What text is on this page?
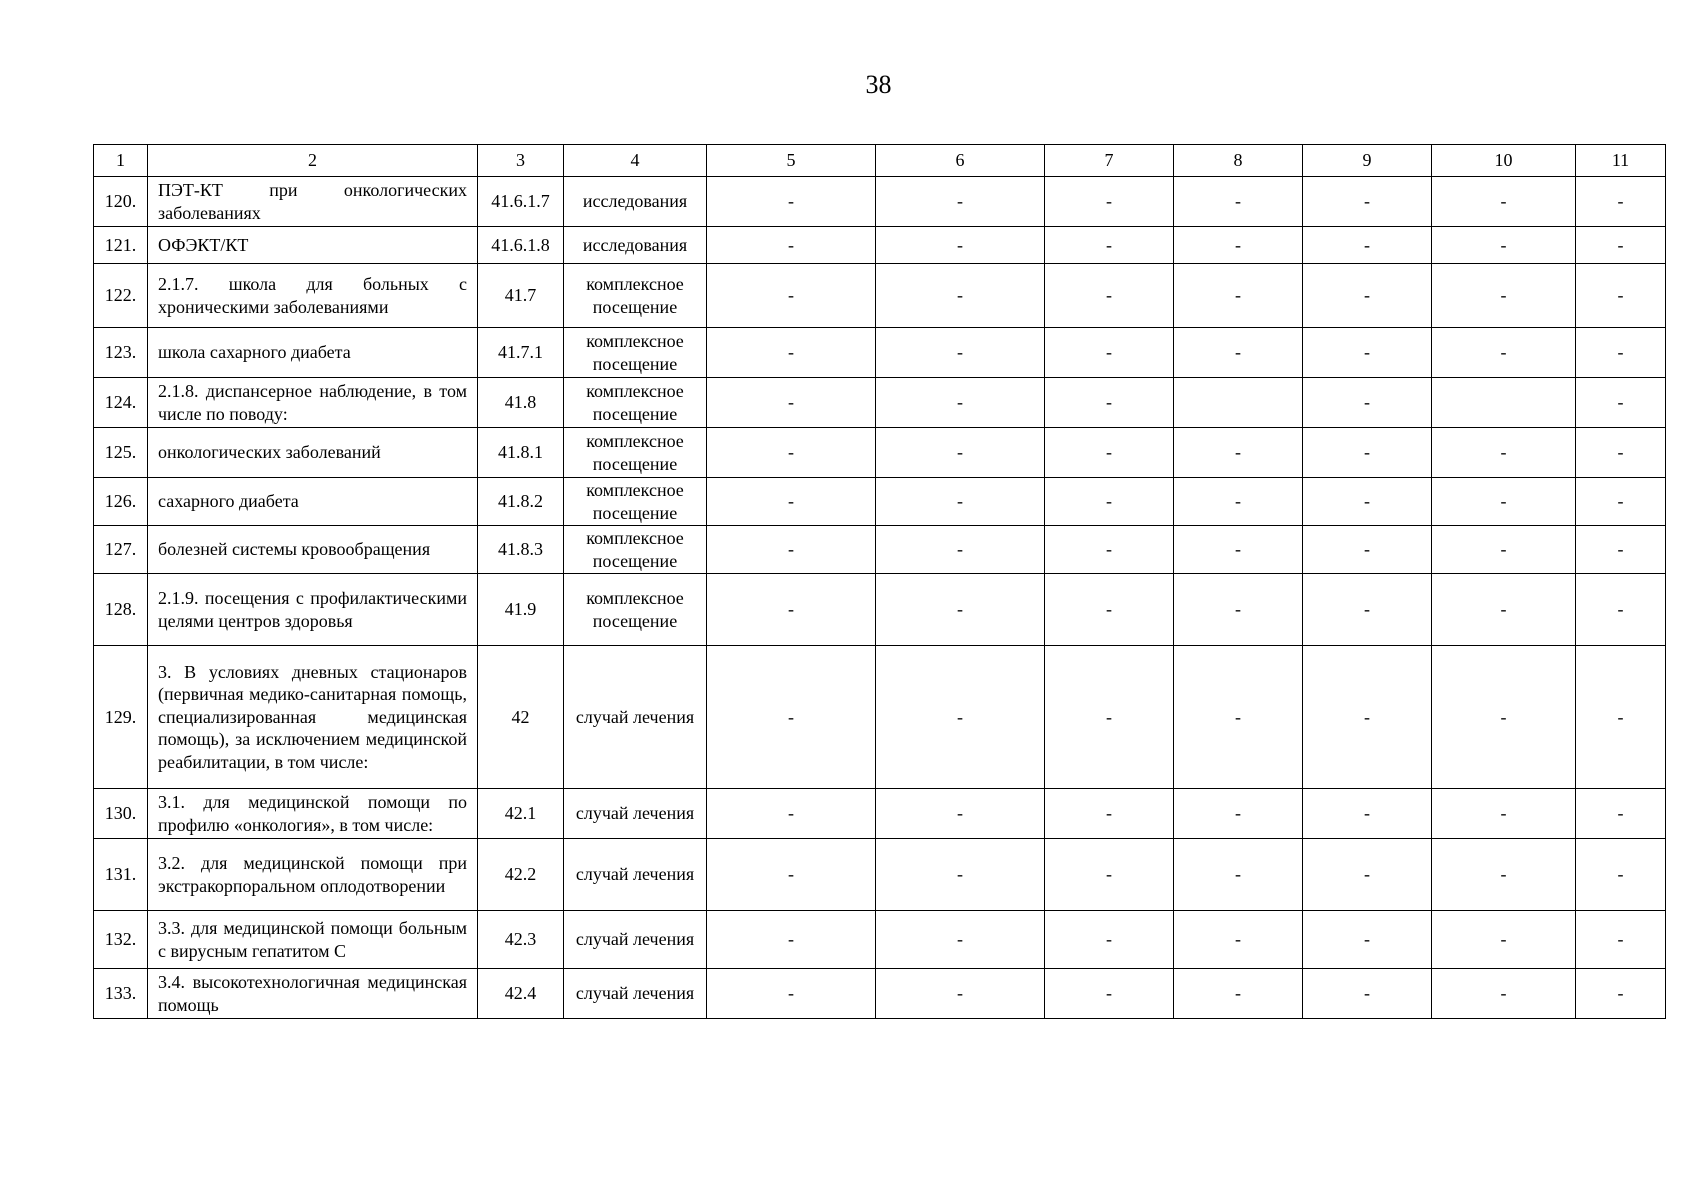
38
1	2	3	4	5	6	7	8	9	10	11
120.	ПЭТ-КТ при онкологических заболеваниях	41.6.1.7	исследования	-	-	-	-	-	-	-
121.	ОФЭКТ/КТ	41.6.1.8	исследования	-	-	-	-	-	-	-
122.	2.1.7. школа для больных с хроническими заболеваниями	41.7	комплексное посещение	-	-	-	-	-	-	-
123.	школа сахарного диабета	41.7.1	комплексное посещение	-	-	-	-	-	-	-
124.	2.1.8. диспансерное наблюдение, в том числе по поводу:	41.8	комплексное посещение	-	-	-		-		-
125.	онкологических заболеваний	41.8.1	комплексное посещение	-	-	-	-	-	-	-
126.	сахарного диабета	41.8.2	комплексное посещение	-	-	-	-	-	-	-
127.	болезней системы кровообращения	41.8.3	комплексное посещение	-	-	-	-	-	-	-
128.	2.1.9. посещения с профилактическими целями центров здоровья	41.9	комплексное посещение	-	-	-	-	-	-	-
129.	3. В условиях дневных стационаров (первичная медико-санитарная помощь, специализированная медицинская помощь), за исключением медицинской реабилитации, в том числе:	42	случай лечения	-	-	-	-	-	-	-
130.	3.1. для медицинской помощи по профилю «онкология», в том числе:	42.1	случай лечения	-	-	-	-	-	-	-
131.	3.2. для медицинской помощи при экстракорпоральном оплодотворении	42.2	случай лечения	-	-	-	-	-	-	-
132.	3.3. для медицинской помощи больным с вирусным гепатитом С	42.3	случай лечения	-	-	-	-	-	-	-
133.	3.4. высокотехнологичная медицинская помощь	42.4	случай лечения	-	-	-	-	-	-	-
